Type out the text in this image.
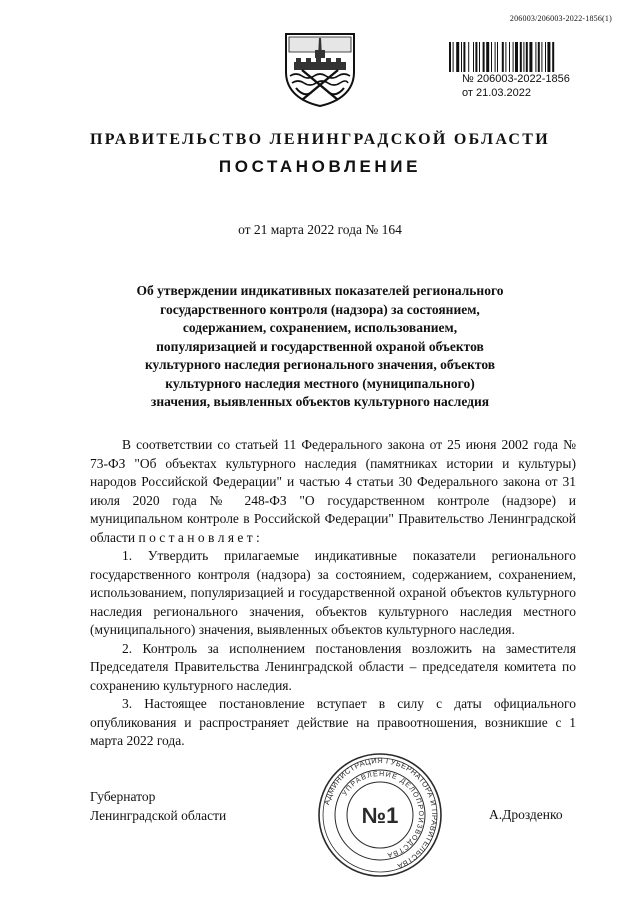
206003/206003-2022-1856(1)
№ 206003-2022-1856
от 21.03.2022
ПРАВИТЕЛЬСТВО ЛЕНИНГРАДСКОЙ ОБЛАСТИ
ПОСТАНОВЛЕНИЕ
от 21 марта 2022 года № 164
Об утверждении индикативных показателей регионального
государственного контроля (надзора) за состоянием,
содержанием, сохранением, использованием,
популяризацией и государственной охраной объектов
культурного наследия регионального значения, объектов
культурного наследия местного (муниципального)
значения, выявленных объектов культурного наследия

В соответствии со статьей 11 Федерального закона от 25 июня 2002 года № 73-ФЗ "Об объектах культурного наследия (памятниках истории и культуры) народов Российской Федерации" и частью 4 статьи 30 Федерального закона от 31 июля 2020 года № 248-ФЗ "О государственном контроле (надзоре) и муниципальном контроле в Российской Федерации" Правительство Ленинградской области п о с т а н о в л я е т :

1. Утвердить прилагаемые индикативные показатели регионального государственного контроля (надзора) за состоянием, содержанием, сохранением, использованием, популяризацией и государственной охраной объектов культурного наследия регионального значения, объектов культурного наследия местного (муниципального) значения, выявленных объектов культурного наследия.

2. Контроль за исполнением постановления возложить на заместителя Председателя Правительства Ленинградской области – председателя комитета по сохранению культурного наследия.

3. Настоящее постановление вступает в силу с даты официального опубликования и распространяет действие на правоотношения, возникшие с 1 марта 2022 года.

Губернатор
Ленинградской области	А.Дрозденко
АДМИНИСТРАЦИЯ ГУБЕРНАТОРА И ПРАВИТЕЛЬСТВА
УПРАВЛЕНИЕ ДЕЛОПРОИЗВОДСТВА
№1
